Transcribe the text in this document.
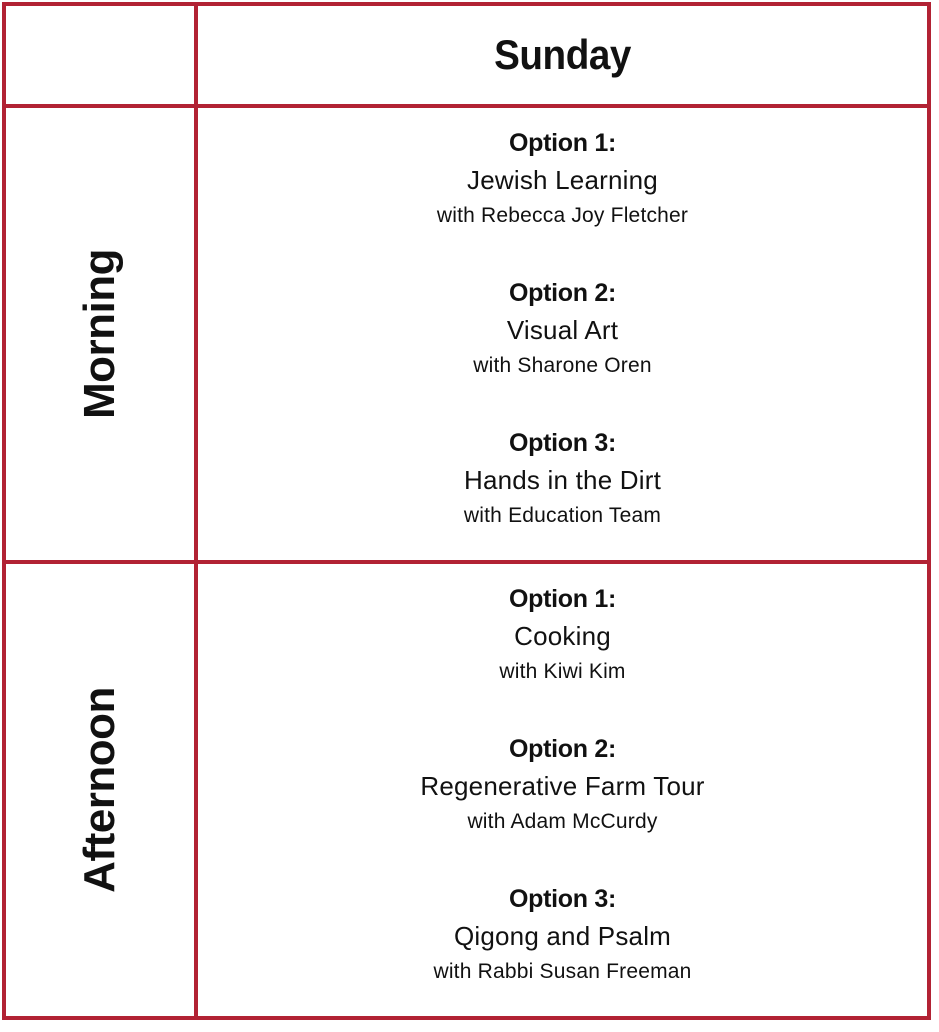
Sunday
Morning
Afternoon
Option 1:
Jewish Learning
with Rebecca Joy Fletcher
Option 2:
Visual Art
with Sharone Oren
Option 3:
Hands in the Dirt
with Education Team
Option 1:
Cooking
with Kiwi Kim
Option 2:
Regenerative Farm Tour
with Adam McCurdy
Option 3:
Qigong and Psalm
with Rabbi Susan Freeman
